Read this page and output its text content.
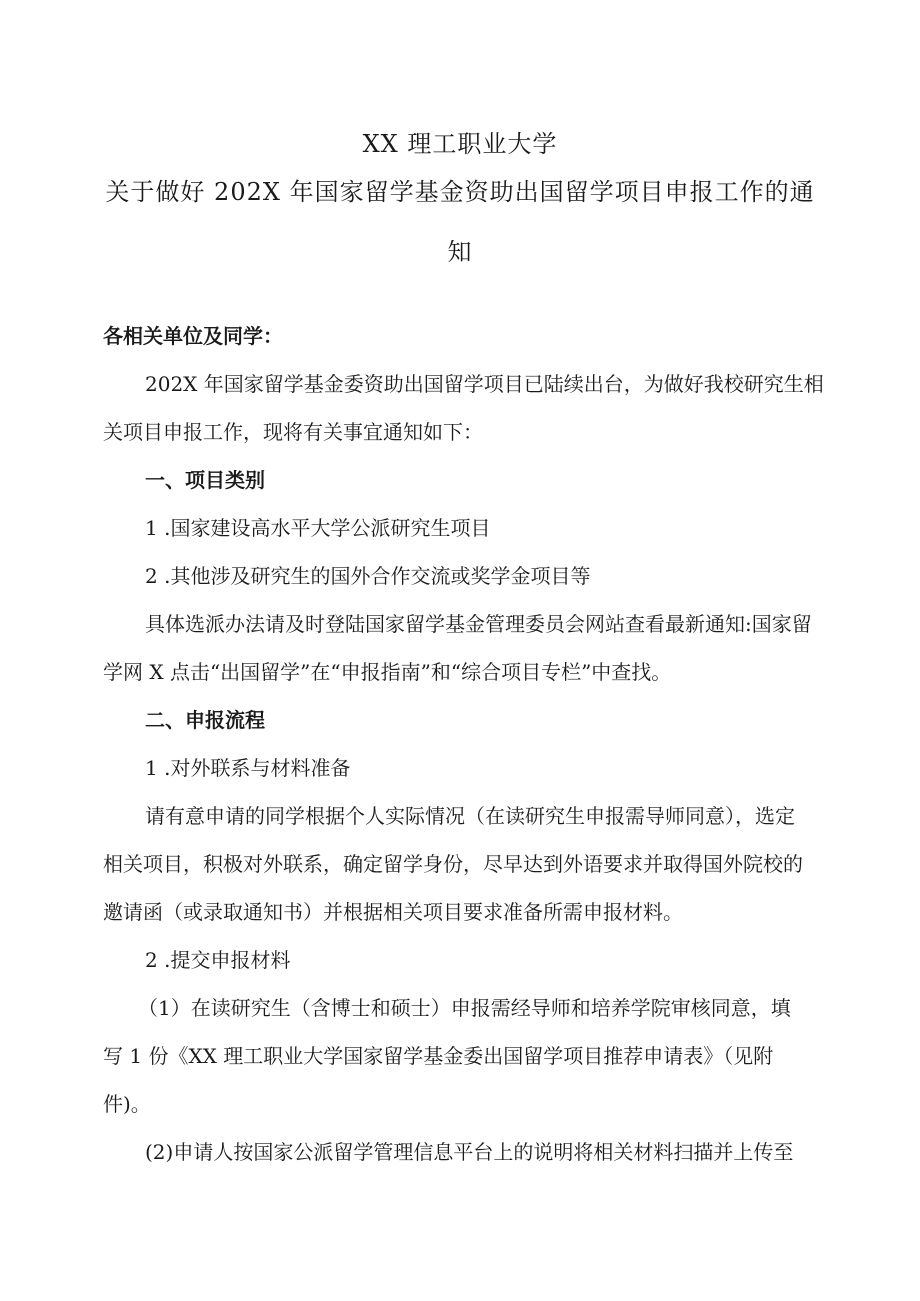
XX 理工职业大学
关于做好 202X 年国家留学基金资助出国留学项目申报工作的通
知
各相关单位及同学：
202X 年国家留学基金委资助出国留学项目已陆续出台，为做好我校研究生相
关项目申报工作，现将有关事宜通知如下：
一、项目类别
1 .国家建设高水平大学公派研究生项目
2 .其他涉及研究生的国外合作交流或奖学金项目等
具体选派办法请及时登陆国家留学基金管理委员会网站查看最新通知:国家留
学网 X 点击“出国留学”在“申报指南”和“综合项目专栏”中查找。
二、申报流程
1 .对外联系与材料准备
请有意申请的同学根据个人实际情况（在读研究生申报需导师同意），选定
相关项目，积极对外联系，确定留学身份，尽早达到外语要求并取得国外院校的
邀请函（或录取通知书）并根据相关项目要求准备所需申报材料。
2 .提交申报材料
（1）在读研究生（含博士和硕士）申报需经导师和培养学院审核同意，填
写 1 份《XX 理工职业大学国家留学基金委出国留学项目推荐申请表》（见附
件)。
(2)申请人按国家公派留学管理信息平台上的说明将相关材料扫描并上传至
